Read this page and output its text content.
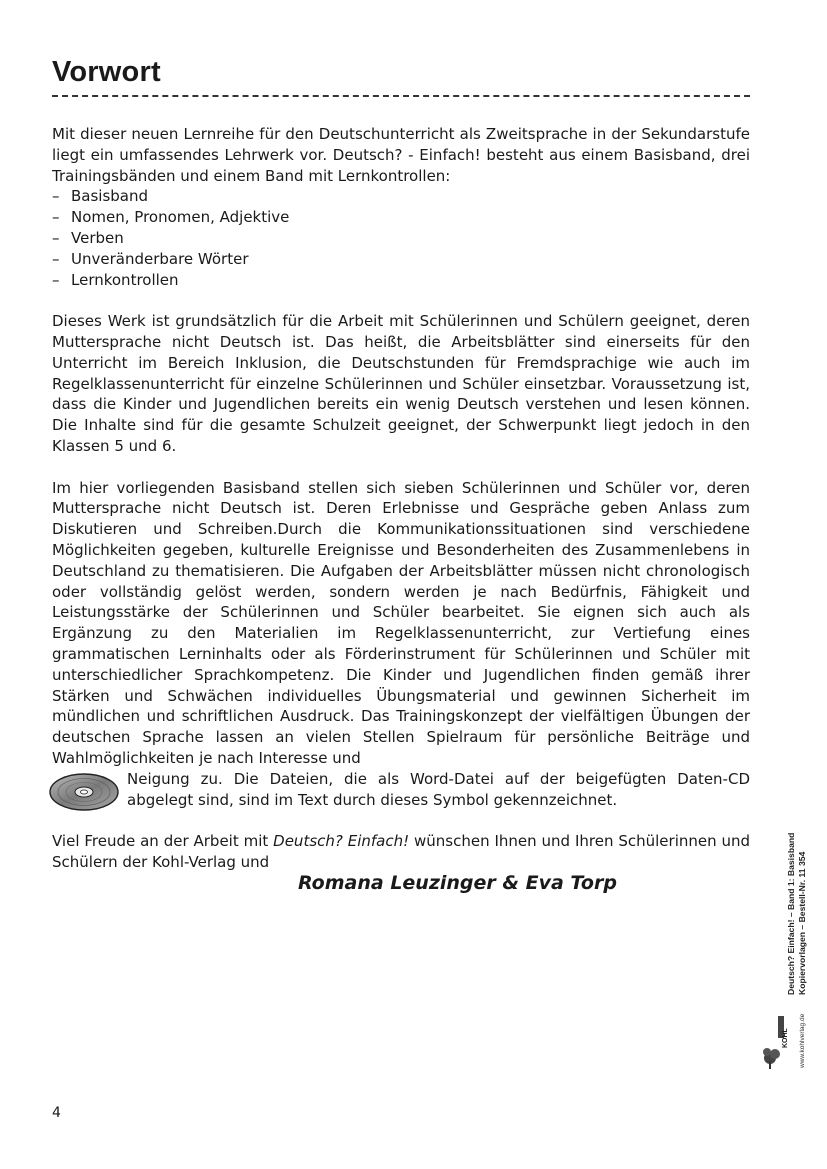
Vorwort

Mit dieser neuen Lernreihe für den Deutschunterricht als Zweitsprache in der Sekundarstufe liegt ein umfassendes Lehrwerk vor. Deutsch? - Einfach! besteht aus einem Basisband, drei Trainingsbänden und einem Band mit Lernkontrollen:

– Basisband
– Nomen, Pronomen, Adjektive
– Verben
– Unveränderbare Wörter
– Lernkontrollen

Dieses Werk ist grundsätzlich für die Arbeit mit Schülerinnen und Schülern geeignet, deren Muttersprache nicht Deutsch ist. Das heißt, die Arbeitsblätter sind einerseits für den Unterricht im Bereich Inklusion, die Deutschstunden für Fremdsprachige wie auch im Regelklassenunterricht für einzelne Schülerinnen und Schüler einsetzbar. Voraussetzung ist, dass die Kinder und Jugendlichen bereits ein wenig Deutsch verstehen und lesen können. Die Inhalte sind für die gesamte Schulzeit geeignet, der Schwerpunkt liegt jedoch in den Klassen 5 und 6.

Im hier vorliegenden Basisband stellen sich sieben Schülerinnen und Schüler vor, deren Muttersprache nicht Deutsch ist. Deren Erlebnisse und Gespräche geben Anlass zum Diskutieren und Schreiben.Durch die Kommunikationssituationen sind verschiedene Möglichkeiten gegeben, kulturelle Ereignisse und Besonderheiten des Zusammenlebens in Deutschland zu thematisieren. Die Aufgaben der Arbeitsblätter müssen nicht chronologisch oder vollständig gelöst werden, sondern werden je nach Bedürfnis, Fähigkeit und Leistungsstärke der Schülerinnen und Schüler bearbeitet. Sie eignen sich auch als Ergänzung zu den Materialien im Regelklassenunterricht, zur Vertiefung eines grammatischen Lerninhalts oder als Förderinstrument für Schülerinnen und Schüler mit unterschiedlicher Sprachkompetenz. Die Kinder und Jugendlichen finden gemäß ihrer Stärken und Schwächen individuelles Übungsmaterial und gewinnen Sicherheit im mündlichen und schriftlichen Ausdruck. Das Trainingskonzept der vielfältigen Übungen der deutschen Sprache lassen an vielen Stellen Spielraum für persönliche Beiträge und Wahlmöglichkeiten je nach Interesse und

Neigung zu. Die Dateien, die als Word-Datei auf der beigefügten Daten-CD abgelegt sind, sind im Text durch dieses Symbol gekennzeichnet.

Viel Freude an der Arbeit mit Deutsch? Einfach! wünschen Ihnen und Ihren Schülerinnen und Schülern der Kohl-Verlag und

Romana Leuzinger & Eva Torp
4
Deutsch? Einfach! – Band 1: Basisband Kopiervorlagen – Bestell-Nr. 11 354
www.kohlverlag.de
KOHL
